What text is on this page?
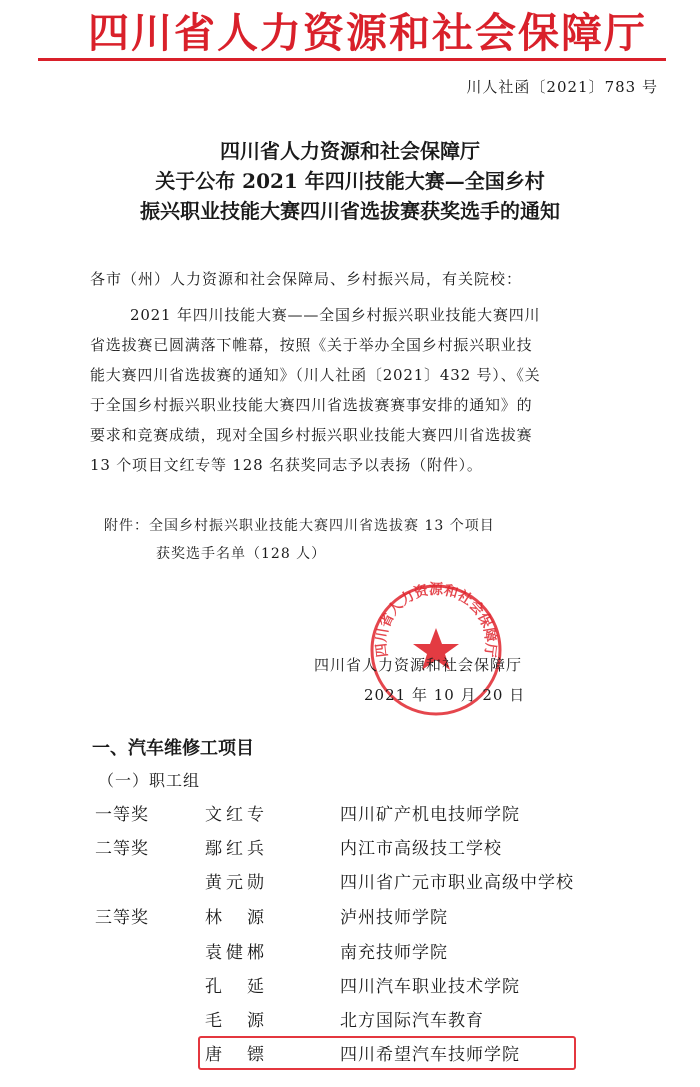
四川省人力资源和社会保障厅
川人社函〔2021〕783 号
四川省人力资源和社会保障厅
关于公布 2021 年四川技能大赛—全国乡村
振兴职业技能大赛四川省选拔赛获奖选手的通知
各市（州）人力资源和社会保障局、乡村振兴局，有关院校：

2021 年四川技能大赛——全国乡村振兴职业技能大赛四川

省选拔赛已圆满落下帷幕，按照《关于举办全国乡村振兴职业技

能大赛四川省选拔赛的通知》（川人社函〔2021〕432 号）、《关

于全国乡村振兴职业技能大赛四川省选拔赛赛事安排的通知》的

要求和竞赛成绩，现对全国乡村振兴职业技能大赛四川省选拔赛

13 个项目文红专等 128 名获奖同志予以表扬（附件）。

附件：全国乡村振兴职业技能大赛四川省选拔赛 13 个项目
获奖选手名单（128 人）
四川省人力资源和社会保障厅
四川省人力资源和社会保障厅
2021 年 10 月 20 日
一、汽车维修工项目
（一）职工组
一等奖	文红专	四川矿产机电技师学院
二等奖	鄢红兵	内江市高级技工学校
黄元勋	四川省广元市职业高级中学校
三等奖	林　源	泸州技师学院
袁健郴	南充技师学院
孔　延	四川汽车职业技术学院
毛　源	北方国际汽车教育
唐　镖	四川希望汽车技师学院
